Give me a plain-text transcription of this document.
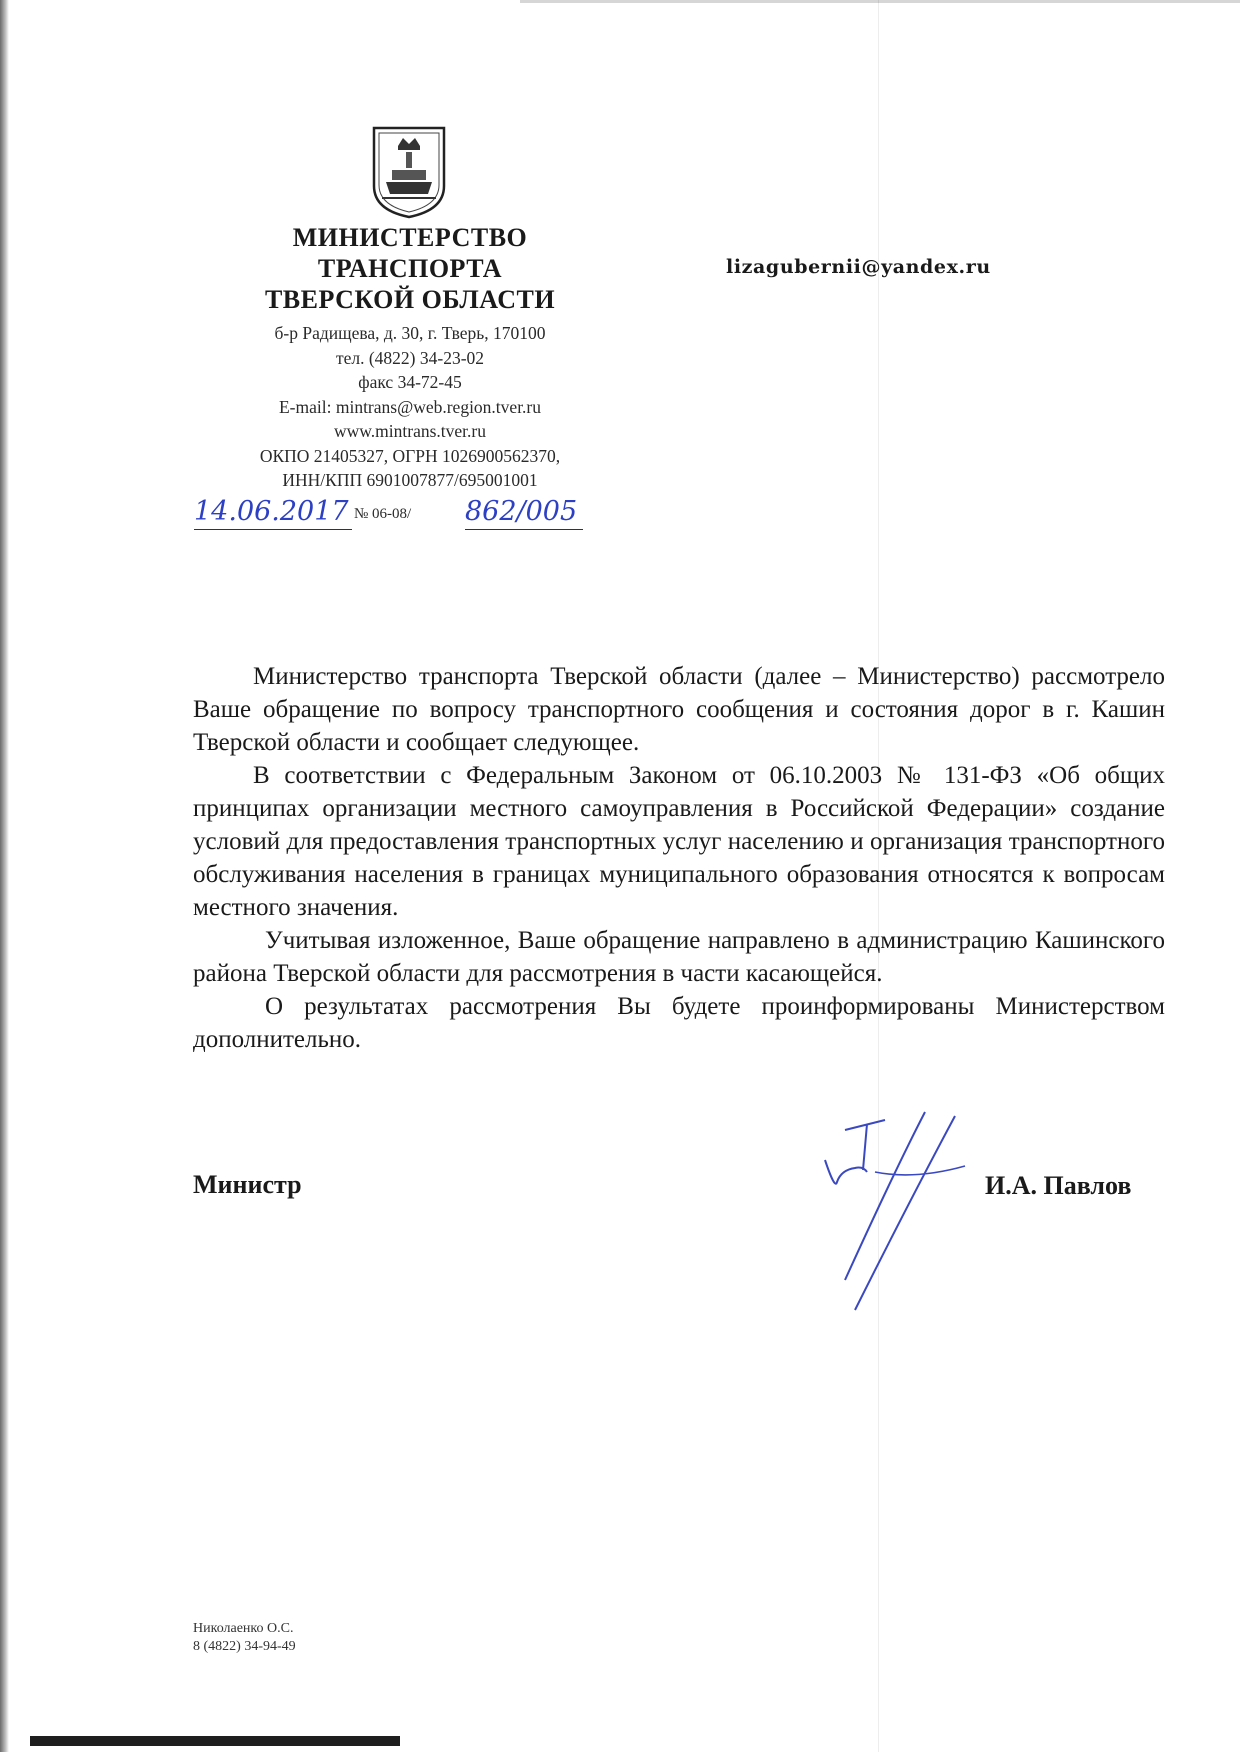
МИНИСТЕРСТВО
ТРАНСПОРТА
ТВЕРСКОЙ ОБЛАСТИ
б-р Радищева, д. 30, г. Тверь, 170100
тел. (4822) 34-23-02
факс 34-72-45
E-mail: mintrans@web.region.tver.ru
www.mintrans.tver.ru
ОКПО 21405327, ОГРН 1026900562370,
ИНН/КПП 6901007877/695001001
14.06.2017 № 06-08/ 862/005
lizagubernii@yandex.ru

Министерство транспорта Тверской области (далее – Министерство) рассмотрело Ваше обращение по вопросу транспортного сообщения и состояния дорог в г. Кашин Тверской области и сообщает следующее.

В соответствии с Федеральным Законом от 06.10.2003 № 131-ФЗ «Об общих принципах организации местного самоуправления в Российской Федерации» создание условий для предоставления транспортных услуг населению и организация транспортного обслуживания населения в границах муниципального образования относятся к вопросам местного значения.

Учитывая изложенное, Ваше обращение направлено в администрацию Кашинского района Тверской области для рассмотрения в части касающейся.

О результатах рассмотрения Вы будете проинформированы Министерством дополнительно.

Министр	И.А. Павлов
Николаенко О.С.
8 (4822) 34-94-49
